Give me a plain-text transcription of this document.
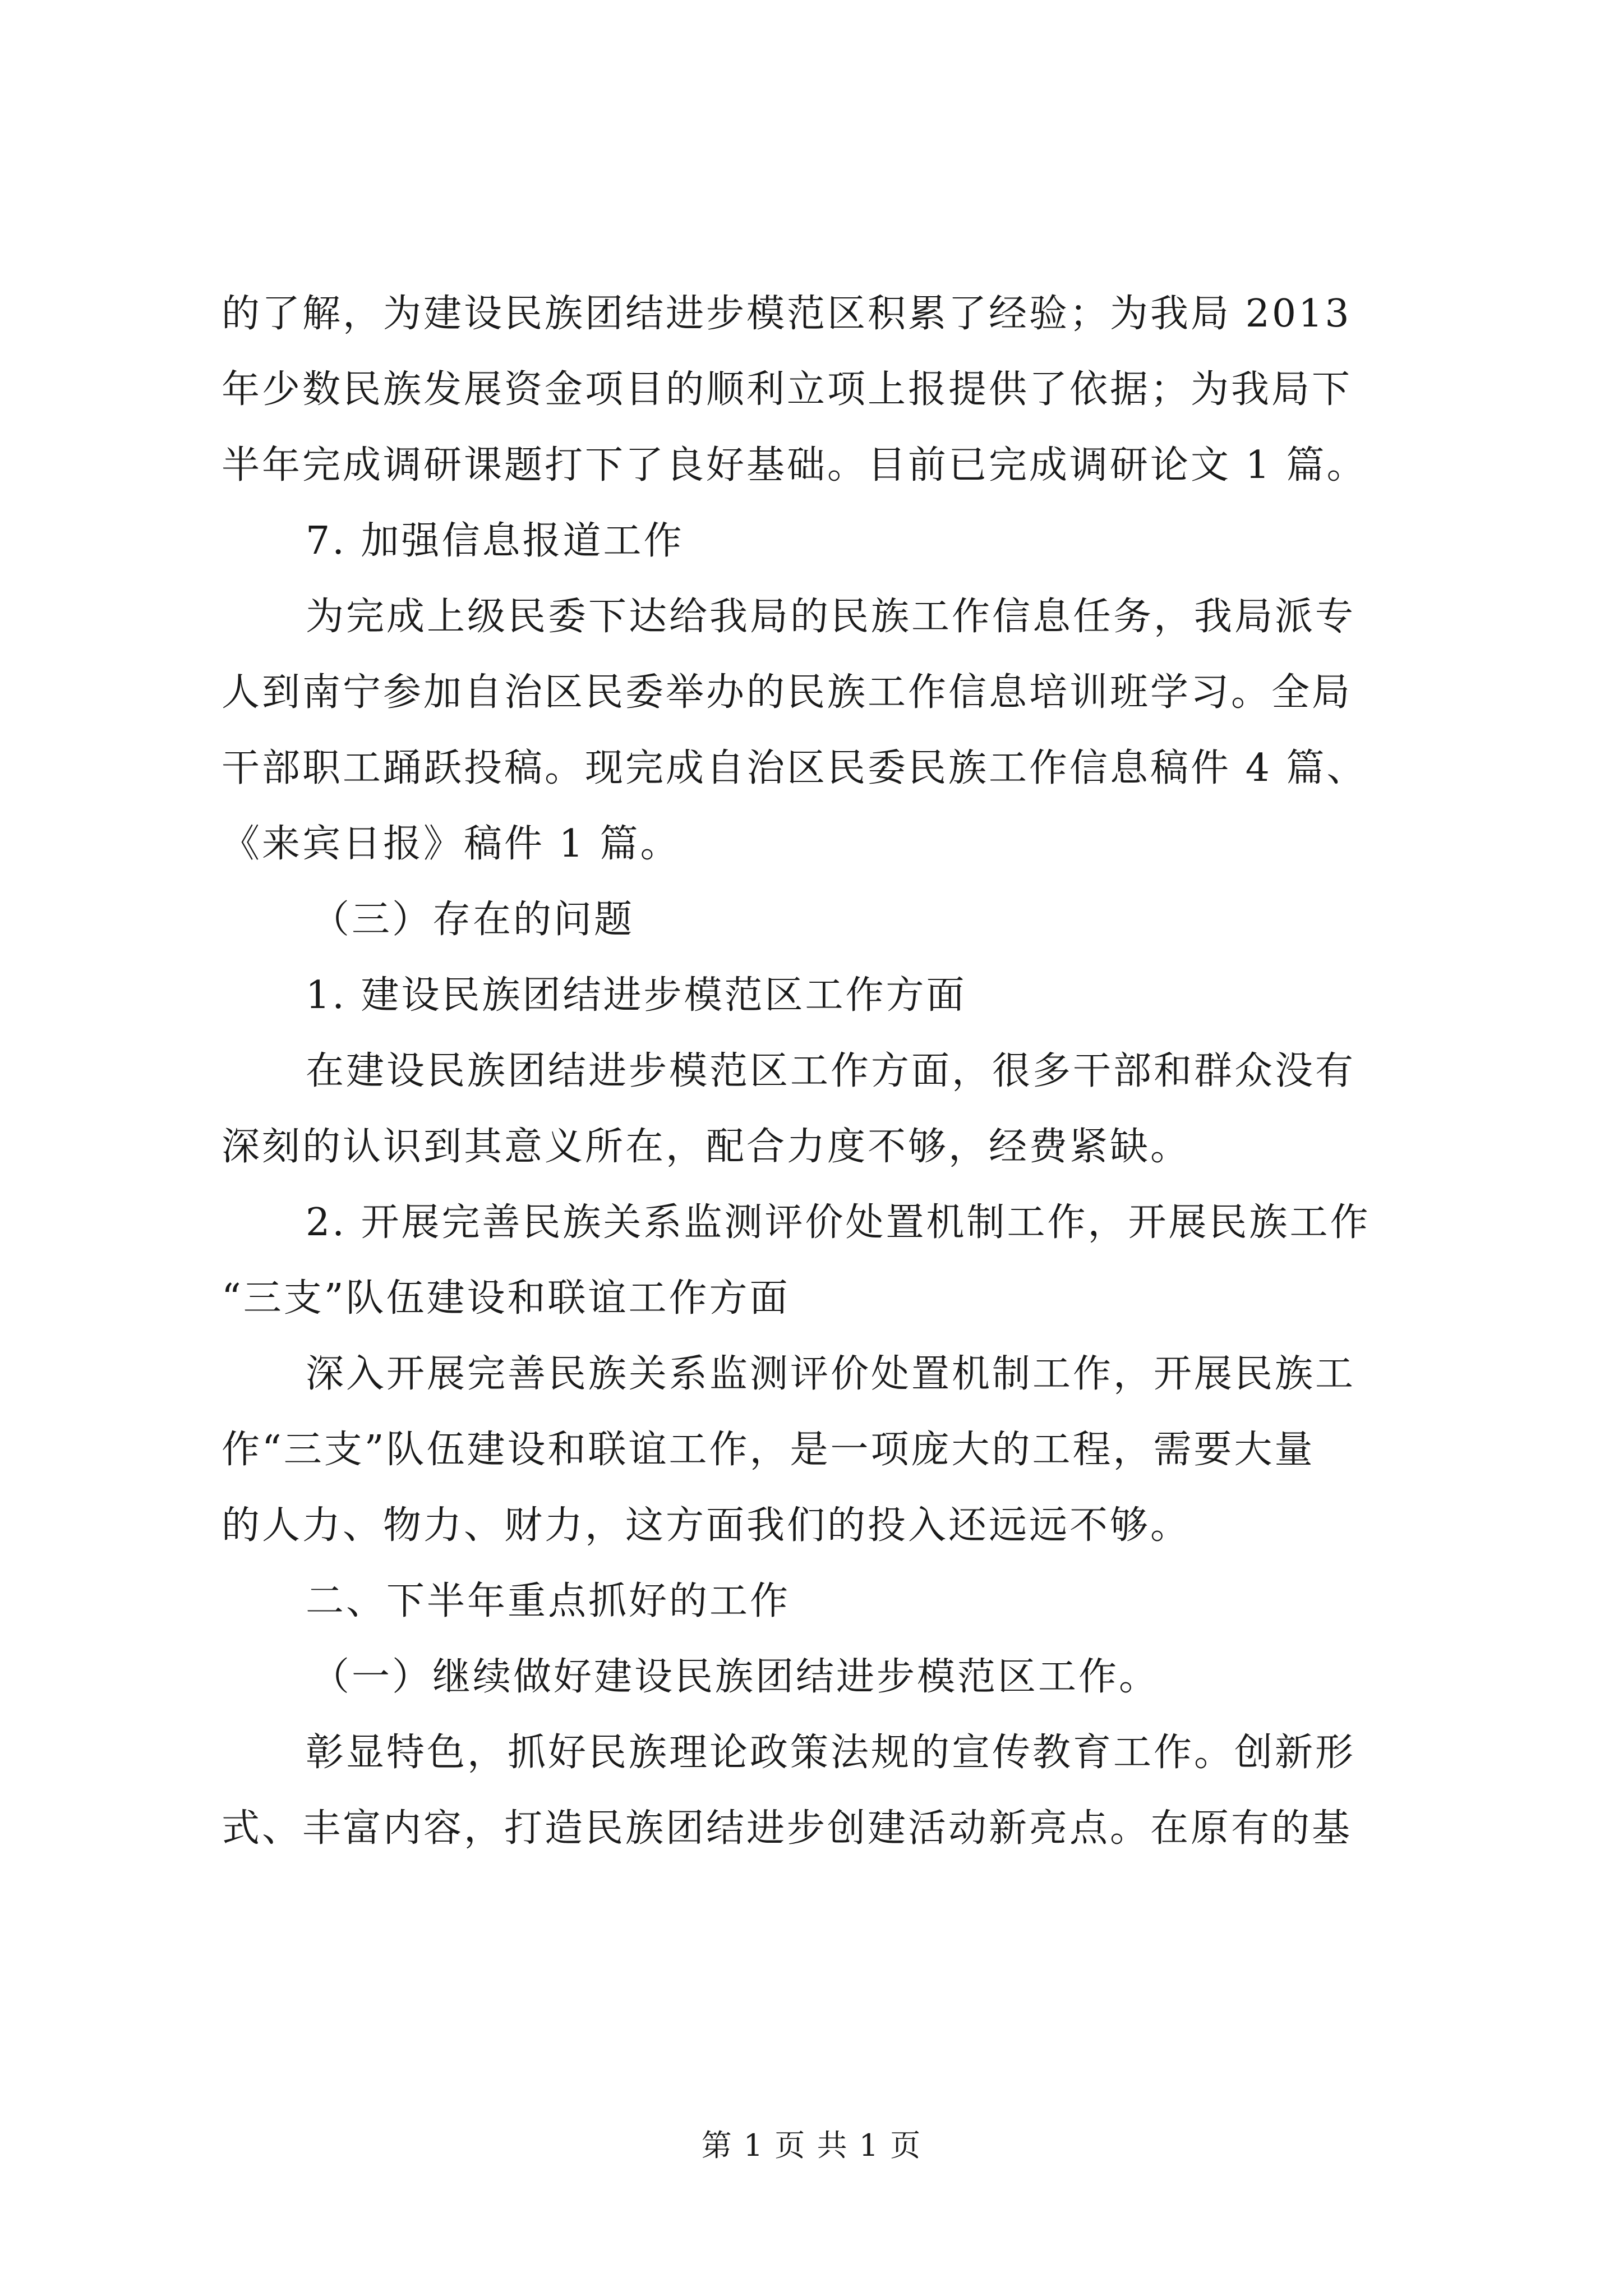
的了解，为建设民族团结进步模范区积累了经验；为我局 2013
年少数民族发展资金项目的顺利立项上报提供了依据；为我局下
半年完成调研课题打下了良好基础。目前已完成调研论文 1 篇。
7. 加强信息报道工作
为完成上级民委下达给我局的民族工作信息任务，我局派专
人到南宁参加自治区民委举办的民族工作信息培训班学习。全局
干部职工踊跃投稿。现完成自治区民委民族工作信息稿件 4 篇、
《来宾日报》稿件 1 篇。
（三）存在的问题
1. 建设民族团结进步模范区工作方面
在建设民族团结进步模范区工作方面，很多干部和群众没有
深刻的认识到其意义所在，配合力度不够，经费紧缺。
2. 开展完善民族关系监测评价处置机制工作，开展民族工作
“三支”队伍建设和联谊工作方面
深入开展完善民族关系监测评价处置机制工作，开展民族工
作“三支”队伍建设和联谊工作，是一项庞大的工程，需要大量
的人力、物力、财力，这方面我们的投入还远远不够。
二、下半年重点抓好的工作
（一）继续做好建设民族团结进步模范区工作。
彰显特色，抓好民族理论政策法规的宣传教育工作。创新形
式、丰富内容，打造民族团结进步创建活动新亮点。在原有的基
第 1 页 共 1 页
